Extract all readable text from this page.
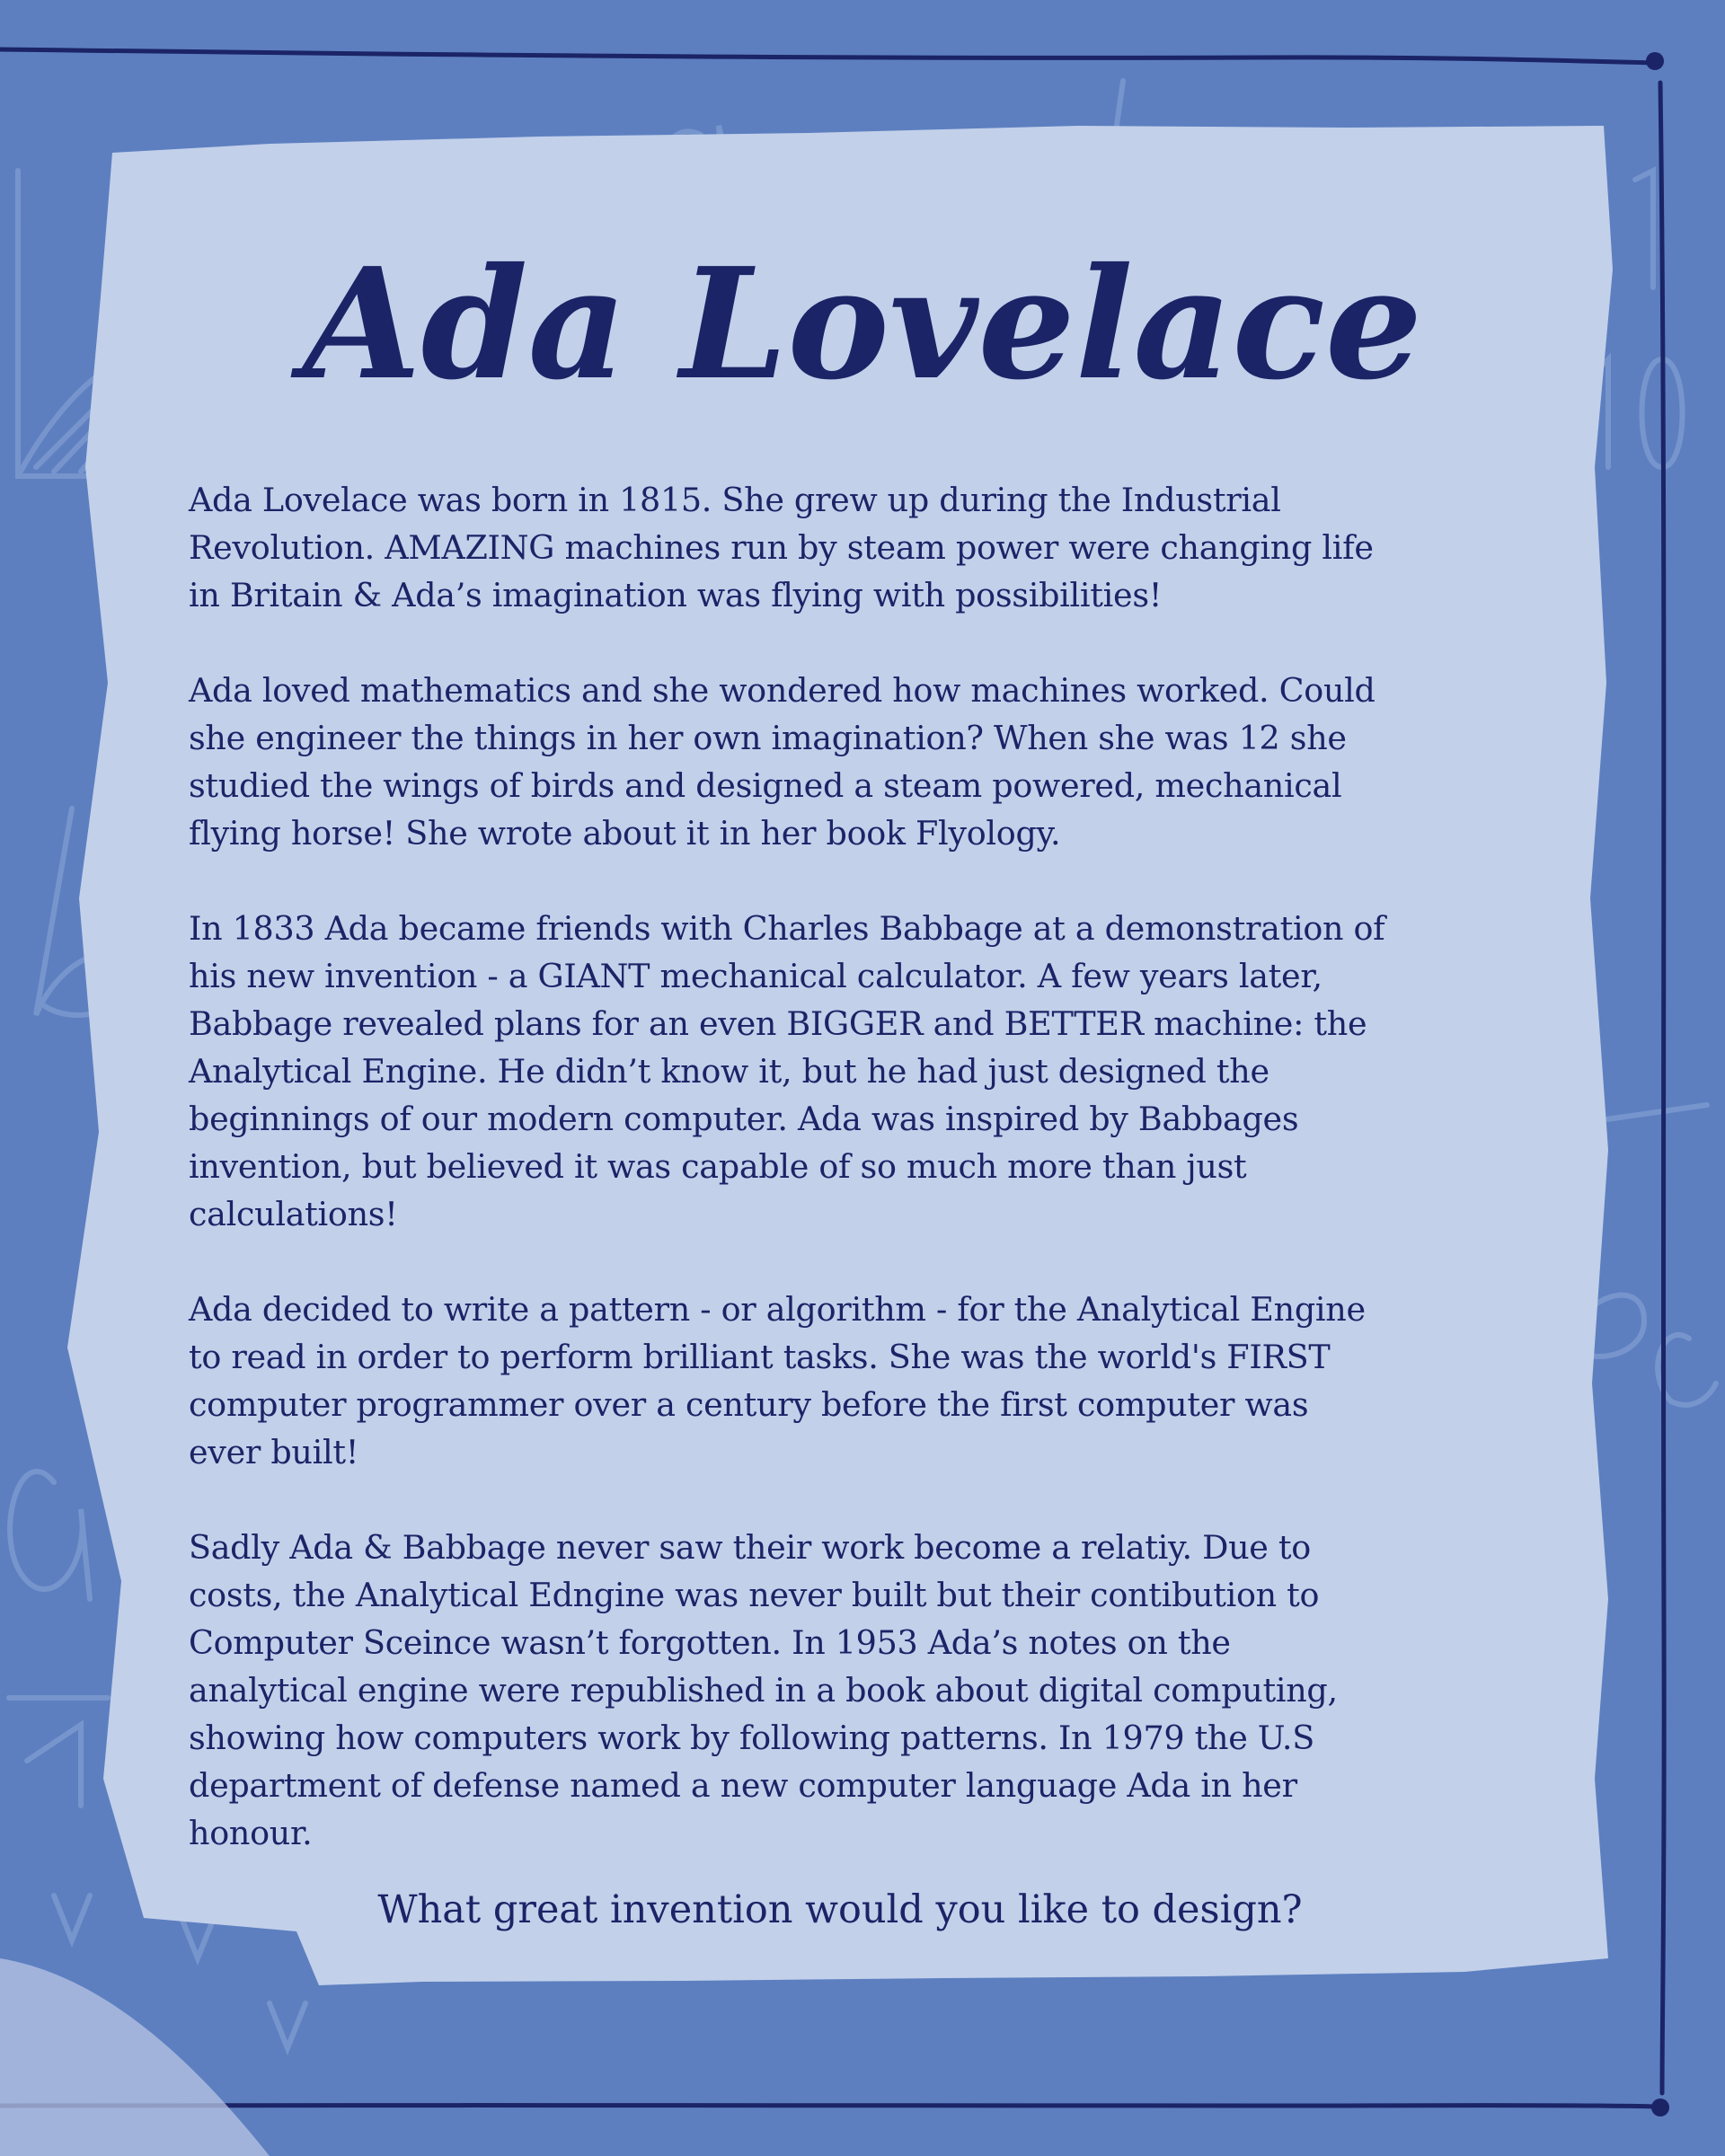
Ada Lovelace

Ada Lovelace was born in 1815. She grew up during the Industrial
Revolution. AMAZING machines run by steam power were changing life
in Britain & Ada’s imagination was flying with possibilities!

Ada loved mathematics and she wondered how machines worked. Could
she engineer the things in her own imagination? When she was 12 she
studied the wings of birds and designed a steam powered, mechanical
flying horse! She wrote about it in her book Flyology.

In 1833 Ada became friends with Charles Babbage at a demonstration of
his new invention - a GIANT mechanical calculator. A few years later,
Babbage revealed plans for an even BIGGER and BETTER machine: the
Analytical Engine. He didn’t know it, but he had just designed the
beginnings of our modern computer. Ada was inspired by Babbages
invention, but believed it was capable of so much more than just
calculations!

Ada decided to write a pattern - or algorithm - for the Analytical Engine
to read in order to perform brilliant tasks. She was the world's FIRST
computer programmer over a century before the first computer was
ever built!

Sadly Ada & Babbage never saw their work become a relatiy. Due to
costs, the Analytical Edngine was never built but their contibution to
Computer Sceince wasn’t forgotten. In 1953 Ada’s notes on the
analytical engine were republished in a book about digital computing,
showing how computers work by following patterns. In 1979 the U.S
department of defense named a new computer language Ada in her
honour.

What great invention would you like to design?
